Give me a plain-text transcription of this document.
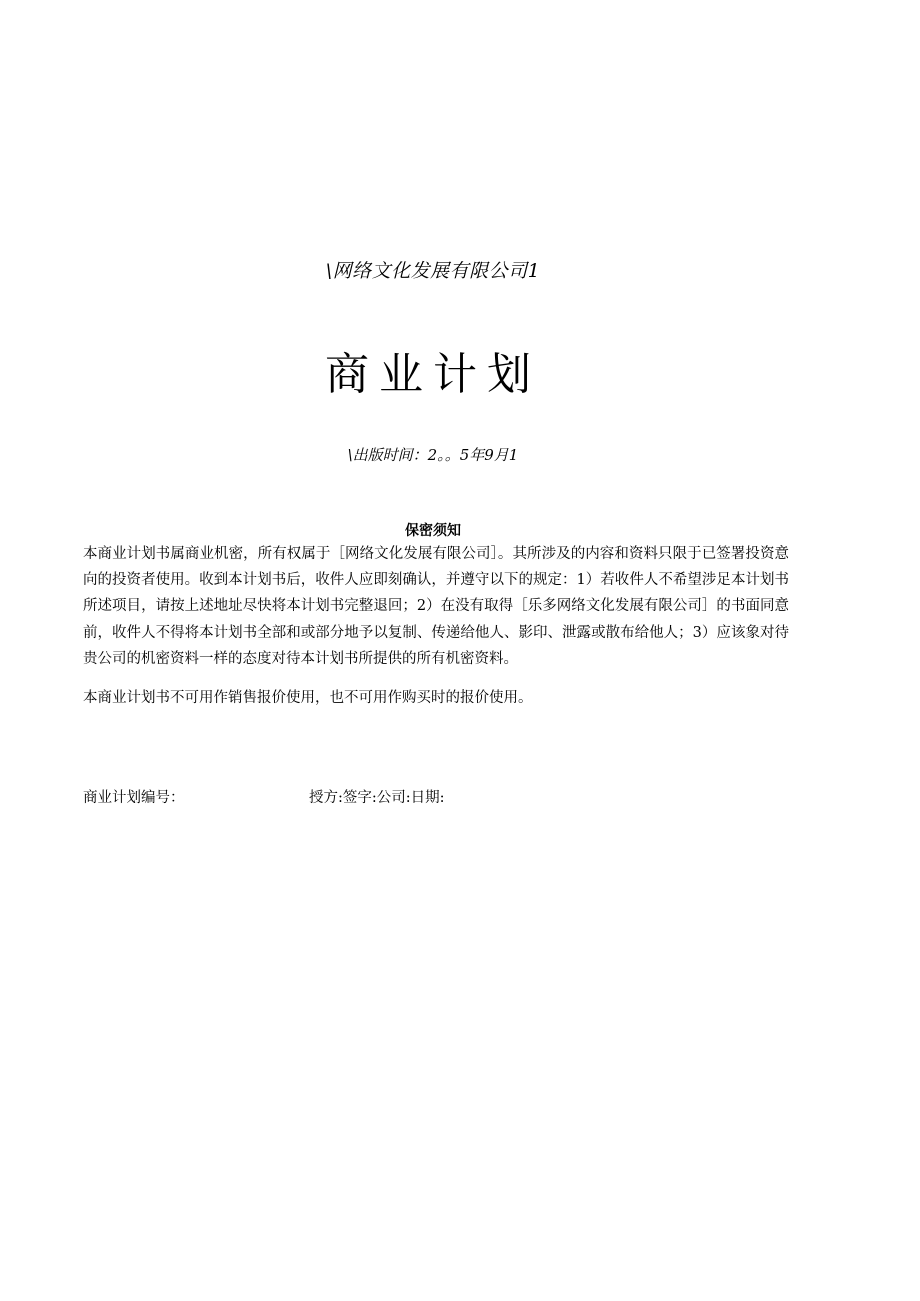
\网络文化发展有限公司1
商业计划
\出版时间：2。。5年9月1
保密须知
本商业计划书属商业机密，所有权属于［网络文化发展有限公司］。其所涉及的内容和资料只限于已签署投资意向的投资者使用。收到本计划书后，收件人应即刻确认，并遵守以下的规定：1）若收件人不希望涉足本计划书所述项目，请按上述地址尽快将本计划书完整退回；2）在没有取得［乐多网络文化发展有限公司］的书面同意前，收件人不得将本计划书全部和或部分地予以复制、传递给他人、影印、泄露或散布给他人；3）应该象对待贵公司的机密资料一样的态度对待本计划书所提供的所有机密资料。
本商业计划书不可用作销售报价使用，也不可用作购买时的报价使用。
商业计划编号：	授方:签字:公司:日期:
